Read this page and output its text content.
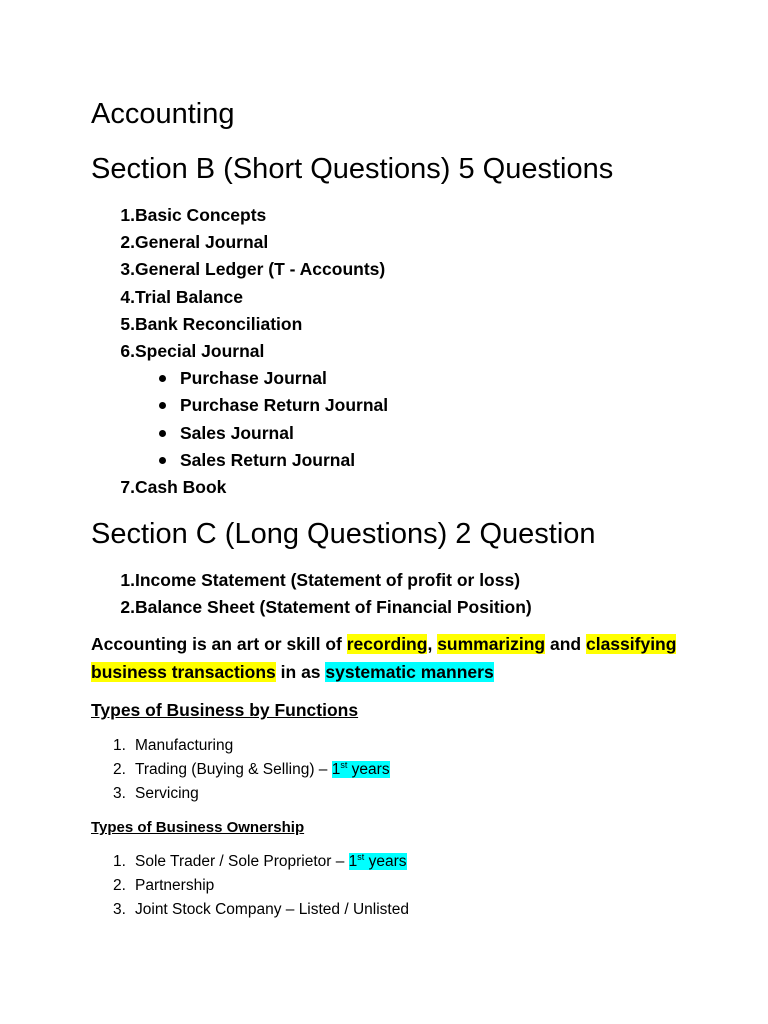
Accounting
Section B (Short Questions) 5 Questions
1. Basic Concepts
2. General Journal
3. General Ledger (T - Accounts)
4. Trial Balance
5. Bank Reconciliation
6. Special Journal
Purchase Journal
Purchase Return Journal
Sales Journal
Sales Return Journal
7. Cash Book
Section C (Long Questions) 2 Question
1. Income Statement (Statement of profit or loss)
2. Balance Sheet (Statement of Financial Position)

Accounting is an art or skill of recording, summarizing and classifying business transactions in as systematic manners

Types of Business by Functions
1. Manufacturing
2. Trading (Buying & Selling) – 1st years
3. Servicing
Types of Business Ownership
1. Sole Trader / Sole Proprietor – 1st years
2. Partnership
3. Joint Stock Company – Listed / Unlisted
